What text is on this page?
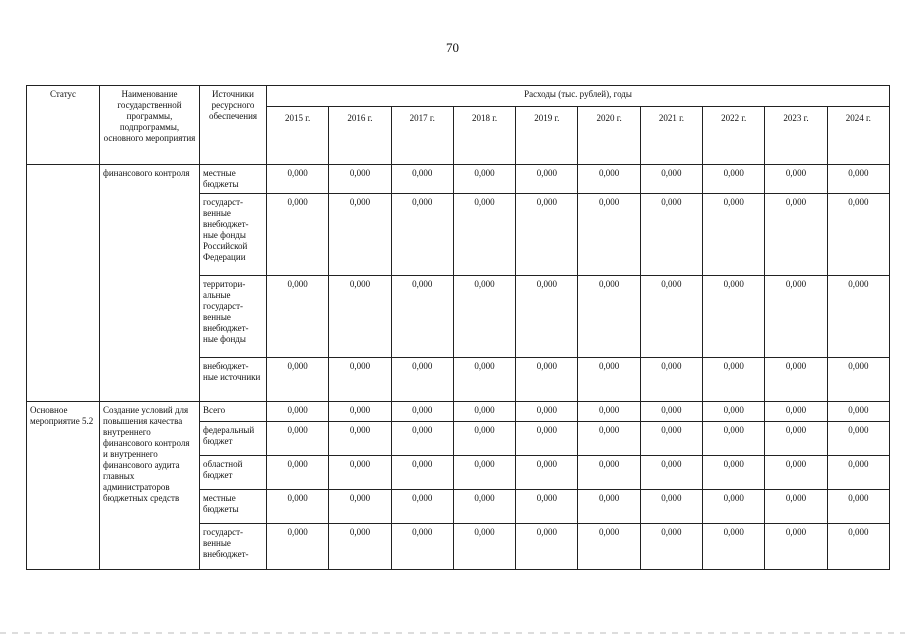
70
Статус	Наименование государственной программы, подпрограммы, основного мероприятия	Источники ресурсного обеспечения	Расходы (тыс. рублей), годы									
			2015 г.	2016 г.	2017 г.	2018 г.	2019 г.	2020 г.	2021 г.	2022 г.	2023 г.	2024 г.
	финансового контроля	местные бюджеты	0,000	0,000	0,000	0,000	0,000	0,000	0,000	0,000	0,000	0,000
		государст-венные внебюджет-ные фонды Российской Федерации	0,000	0,000	0,000	0,000	0,000	0,000	0,000	0,000	0,000	0,000
		территори-альные государст-венные внебюджет-ные фонды	0,000	0,000	0,000	0,000	0,000	0,000	0,000	0,000	0,000	0,000
		внебюджет-ные источники	0,000	0,000	0,000	0,000	0,000	0,000	0,000	0,000	0,000	0,000
Основное мероприятие 5.2	Создание условий для повышения качества внутреннего финансового контроля и внутреннего финансового аудита главных администраторов бюджетных средств	Всего	0,000	0,000	0,000	0,000	0,000	0,000	0,000	0,000	0,000	0,000
		федеральный бюджет	0,000	0,000	0,000	0,000	0,000	0,000	0,000	0,000	0,000	0,000
		областной бюджет	0,000	0,000	0,000	0,000	0,000	0,000	0,000	0,000	0,000	0,000
		местные бюджеты	0,000	0,000	0,000	0,000	0,000	0,000	0,000	0,000	0,000	0,000
		государст-венные внебюджет-	0,000	0,000	0,000	0,000	0,000	0,000	0,000	0,000	0,000	0,000
